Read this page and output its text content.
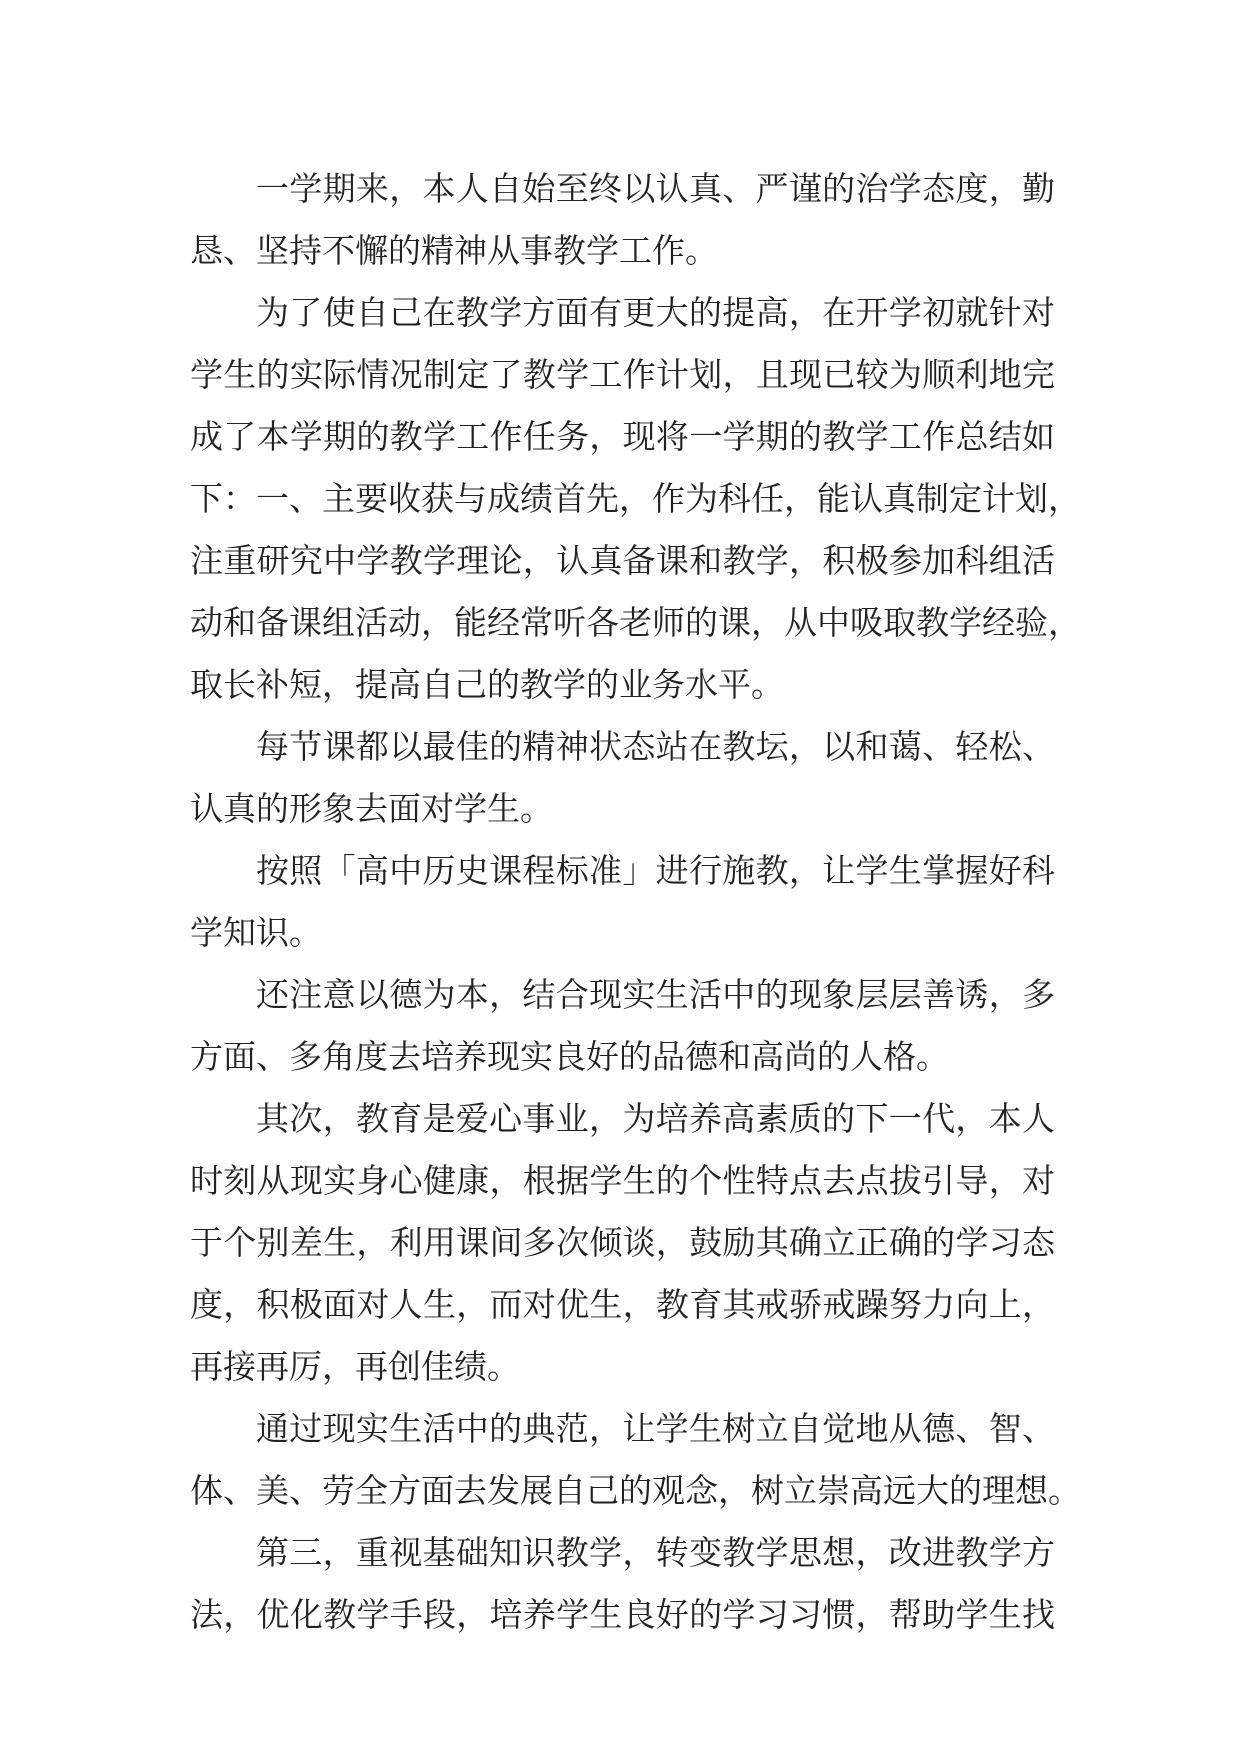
一学期来，本人自始至终以认真、严谨的治学态度，勤
恳、坚持不懈的精神从事教学工作。
为了使自己在教学方面有更大的提高，在开学初就针对
学生的实际情况制定了教学工作计划，且现已较为顺利地完
成了本学期的教学工作任务，现将一学期的教学工作总结如
下：一、主要收获与成绩首先，作为科任，能认真制定计划，
注重研究中学教学理论，认真备课和教学，积极参加科组活
动和备课组活动，能经常听各老师的课，从中吸取教学经验，
取长补短，提高自己的教学的业务水平。
每节课都以最佳的精神状态站在教坛，以和蔼、轻松、
认真的形象去面对学生。
按照「高中历史课程标准」进行施教，让学生掌握好科
学知识。
还注意以德为本，结合现实生活中的现象层层善诱，多
方面、多角度去培养现实良好的品德和高尚的人格。
其次，教育是爱心事业，为培养高素质的下一代，本人
时刻从现实身心健康，根据学生的个性特点去点拔引导，对
于个别差生，利用课间多次倾谈，鼓励其确立正确的学习态
度，积极面对人生，而对优生，教育其戒骄戒躁努力向上，
再接再厉，再创佳绩。
通过现实生活中的典范，让学生树立自觉地从德、智、
体、美、劳全方面去发展自己的观念，树立崇高远大的理想。
第三，重视基础知识教学，转变教学思想，改进教学方
法，优化教学手段，培养学生良好的学习习惯，帮助学生找
